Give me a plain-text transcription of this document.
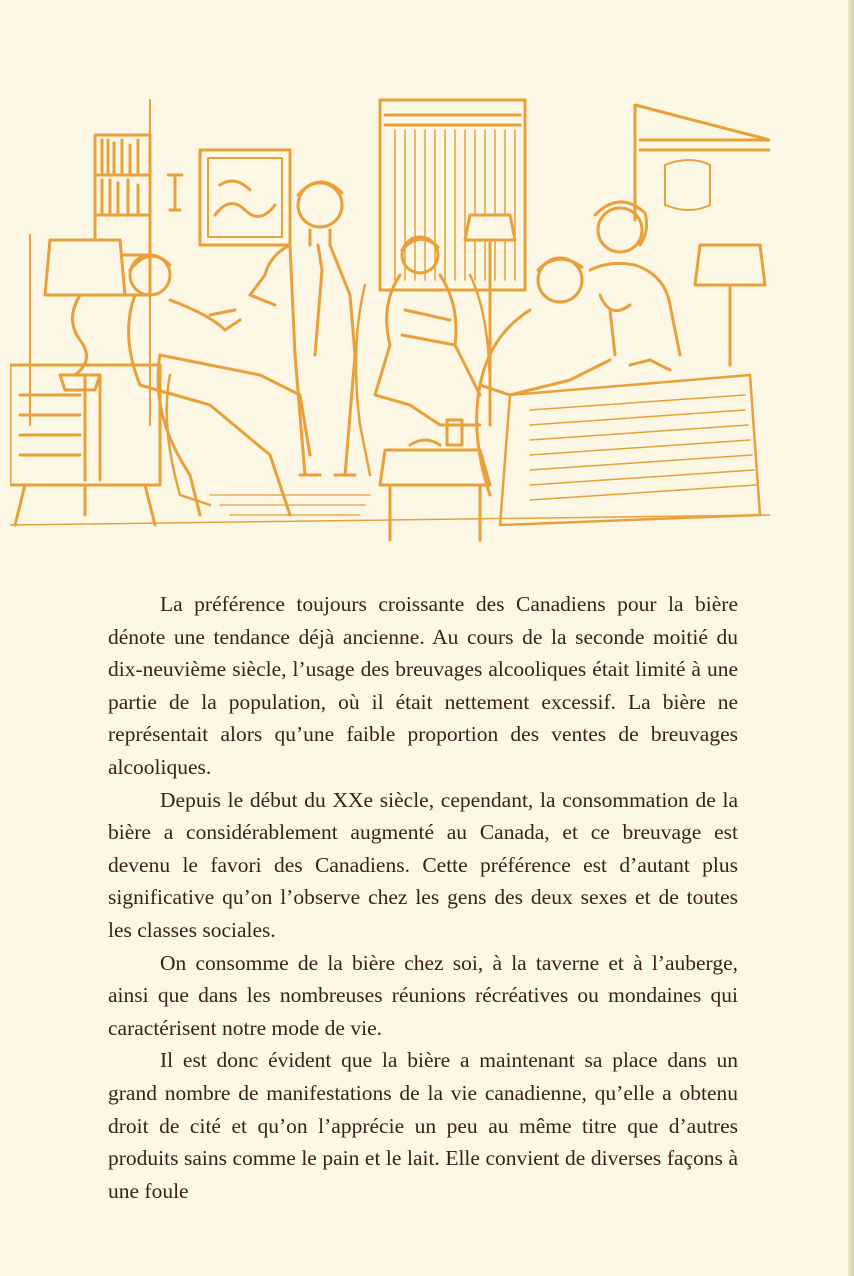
La préférence toujours croissante des Canadiens pour la bière dénote une tendance déjà ancienne. Au cours de la seconde moitié du dix-neuvième siècle, l’usage des breuvages alcooliques était limité à une partie de la population, où il était nettement excessif. La bière ne représentait alors qu’une faible proportion des ventes de breuvages alcooliques.

Depuis le début du XXe siècle, cependant, la consommation de la bière a considérablement augmenté au Canada, et ce breuvage est devenu le favori des Canadiens. Cette préférence est d’autant plus significative qu’on l’observe chez les gens des deux sexes et de toutes les classes sociales.

On consomme de la bière chez soi, à la taverne et à l’auberge, ainsi que dans les nombreuses réunions récréatives ou mondaines qui caractérisent notre mode de vie.

Il est donc évident que la bière a maintenant sa place dans un grand nombre de manifestations de la vie canadienne, qu’elle a obtenu droit de cité et qu’on l’apprécie un peu au même titre que d’autres produits sains comme le pain et le lait. Elle convient de diverses façons à une foule
